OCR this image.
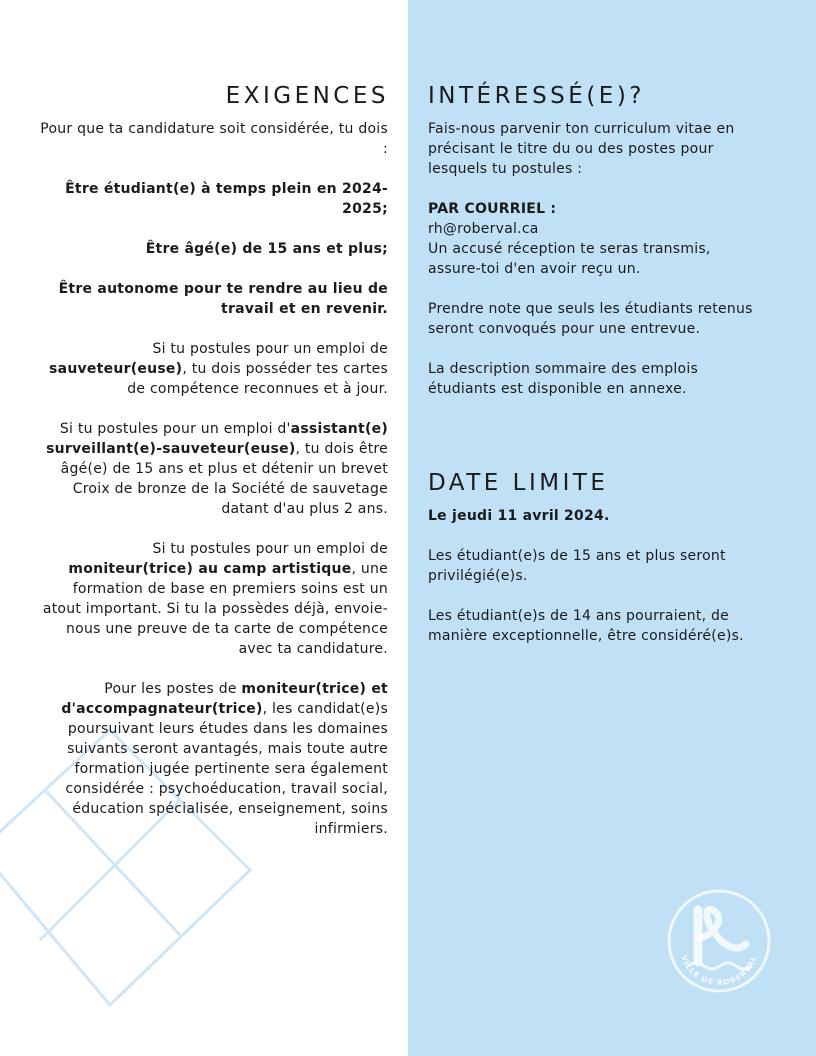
EXIGENCES

Pour que ta candidature soit considérée, tu dois :

Être étudiant(e) à temps plein en 2024-2025;

Être âgé(e) de 15 ans et plus;

Être autonome pour te rendre au lieu de travail et en revenir.

Si tu postules pour un emploi de sauveteur(euse), tu dois posséder tes cartes de compétence reconnues et à jour.

Si tu postules pour un emploi d'assistant(e) surveillant(e)-sauveteur(euse), tu dois être âgé(e) de 15 ans et plus et détenir un brevet Croix de bronze de la Société de sauvetage datant d'au plus 2 ans.

Si tu postules pour un emploi de moniteur(trice) au camp artistique, une formation de base en premiers soins est un atout important. Si tu la possèdes déjà, envoie-nous une preuve de ta carte de compétence avec ta candidature.

Pour les postes de moniteur(trice) et d'accompagnateur(trice), les candidat(e)s poursuivant leurs études dans les domaines suivants seront avantagés, mais toute autre formation jugée pertinente sera également considérée : psychoéducation, travail social, éducation spécialisée, enseignement, soins infirmiers.

INTÉRESSÉ(E)?

Fais-nous parvenir ton curriculum vitae en précisant le titre du ou des postes pour lesquels tu postules :

PAR COURRIEL :

rh@roberval.ca

Un accusé réception te seras transmis, assure-toi d'en avoir reçu un.

Prendre note que seuls les étudiants retenus seront convoqués pour une entrevue.

La description sommaire des emplois étudiants est disponible en annexe.

DATE LIMITE

Le jeudi 11 avril 2024.

Les étudiant(e)s de 15 ans et plus seront privilégié(e)s.

Les étudiant(e)s de 14 ans pourraient, de manière exceptionnelle, être considéré(e)s.

VILLE DE ROBERVAL
